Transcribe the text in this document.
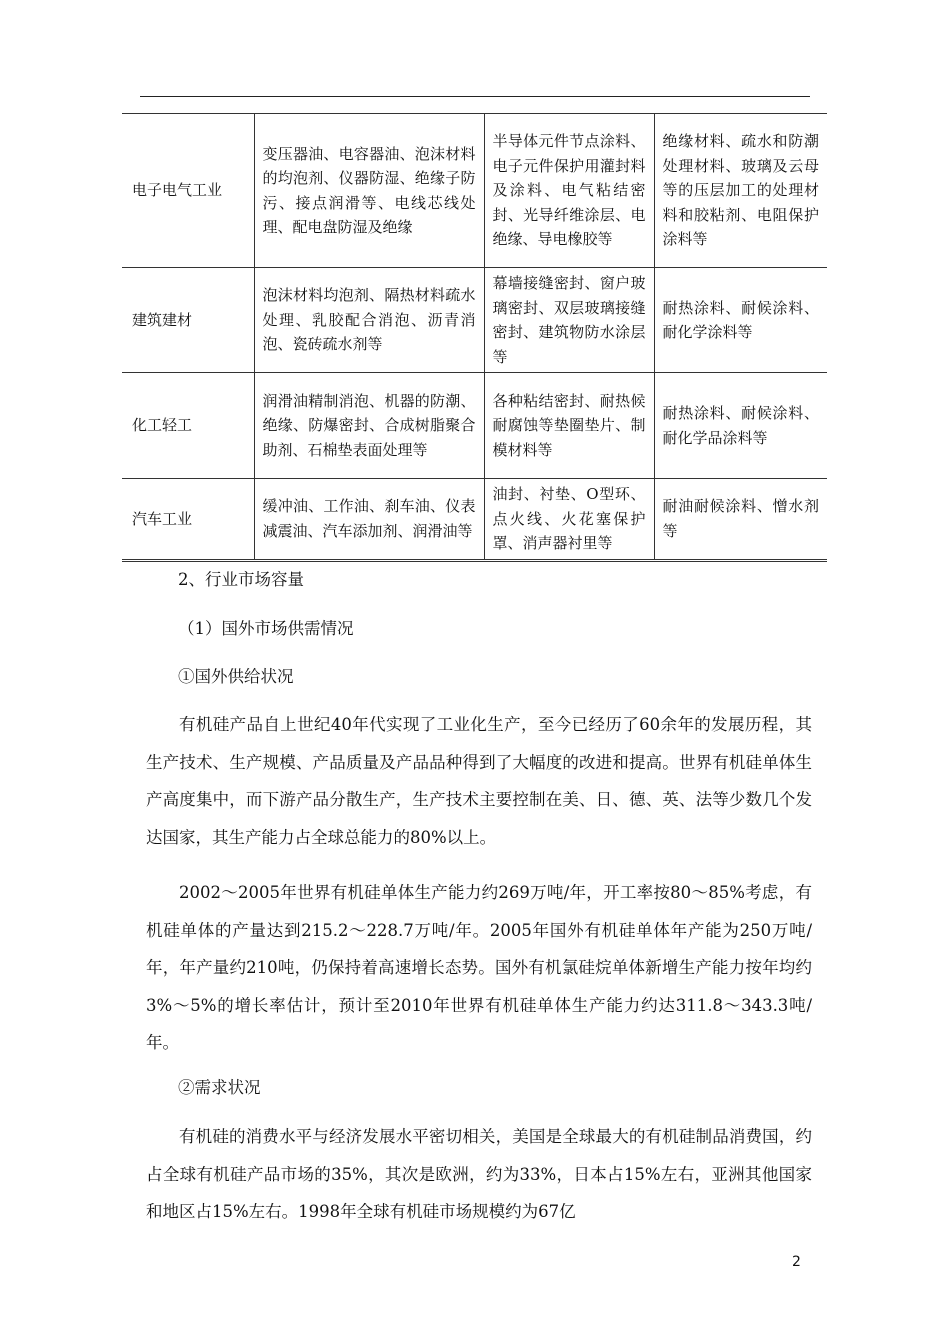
电子电气工业	变压器油、电容器油、泡沫材料的均泡剂、仪器防湿、绝缘子防污、接点润滑等、电线芯线处理、配电盘防湿及绝缘	半导体元件节点涂料、电子元件保护用灌封料及涂料、电气粘结密封、光导纤维涂层、电绝缘、导电橡胶等	绝缘材料、疏水和防潮处理材料、玻璃及云母等的压层加工的处理材料和胶粘剂、电阻保护涂料等
建筑建材	泡沫材料均泡剂、隔热材料疏水处理、乳胶配合消泡、沥青消泡、瓷砖疏水剂等	幕墙接缝密封、窗户玻璃密封、双层玻璃接缝密封、建筑物防水涂层等	耐热涂料、耐候涂料、耐化学涂料等
化工轻工	润滑油精制消泡、机器的防潮、绝缘、防爆密封、合成树脂聚合助剂、石棉垫表面处理等	各种粘结密封、耐热候耐腐蚀等垫圈垫片、制模材料等	耐热涂料、耐候涂料、耐化学品涂料等
汽车工业	缓冲油、工作油、刹车油、仪表减震油、汽车添加剂、润滑油等	油封、衬垫、O型环、点火线、火花塞保护罩、消声器衬里等	耐油耐候涂料、憎水剂等
2、行业市场容量
（1）国外市场供需情况
①国外供给状况
有机硅产品自上世纪40年代实现了工业化生产，至今已经历了60余年的发展历程，其生产技术、生产规模、产品质量及产品品种得到了大幅度的改进和提高。世界有机硅单体生产高度集中，而下游产品分散生产，生产技术主要控制在美、日、德、英、法等少数几个发达国家，其生产能力占全球总能力的80%以上。
2002～2005年世界有机硅单体生产能力约269万吨/年，开工率按80～85%考虑，有机硅单体的产量达到215.2～228.7万吨/年。2005年国外有机硅单体年产能为250万吨/年，年产量约210吨，仍保持着高速增长态势。国外有机氯硅烷单体新增生产能力按年均约3%～5%的增长率估计，预计至2010年世界有机硅单体生产能力约达311.8～343.3吨/年。
②需求状况
有机硅的消费水平与经济发展水平密切相关，美国是全球最大的有机硅制品消费国，约占全球有机硅产品市场的35%，其次是欧洲，约为33%，日本占15%左右，亚洲其他国家和地区占15%左右。1998年全球有机硅市场规模约为67亿
2
